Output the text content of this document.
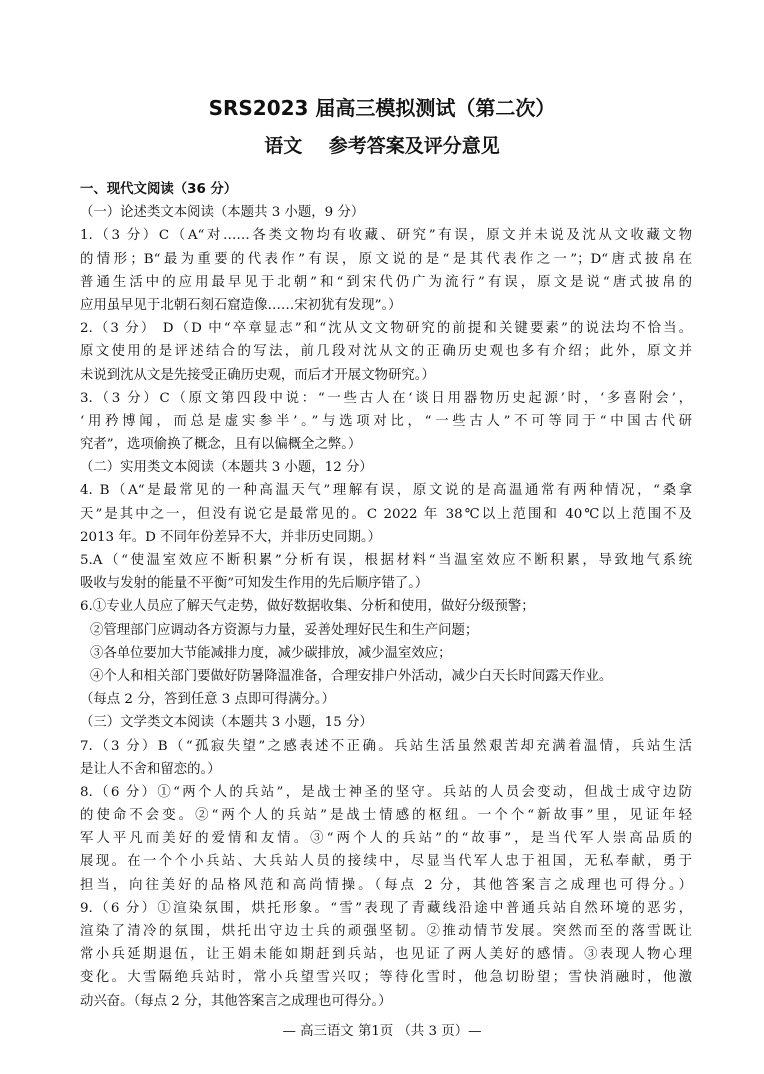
SRS2023 届高三模拟测试（第二次）
语文    参考答案及评分意见
一、现代文阅读（36 分）
（一）论述类文本阅读（本题共 3 小题，9 分）
1.（3 分）C（A“对……各类文物均有收藏、研究”有误，原文并未说及沈从文收藏文物
的情形；B“最为重要的代表作”有误，原文说的是“是其代表作之一”；D“唐式披帛在
普通生活中的应用最早见于北朝”和“到宋代仍广为流行”有误，原文是说“唐式披帛的
应用虽早见于北朝石刻石窟造像……宋初犹有发现”。）
2.（3 分） D（D 中“卒章显志”和“沈从文文物研究的前提和关键要素”的说法均不恰当。
原文使用的是评述结合的写法，前几段对沈从文的正确历史观也多有介绍；此外，原文并
未说到沈从文是先接受正确历史观，而后才开展文物研究。）
3.（3 分）C（原文第四段中说：“一些古人在‘谈日用器物历史起源’时，‘多喜附会’，
‘用矜博闻，而总是虚实参半’。”与选项对比，“一些古人”不可等同于“中国古代研
究者”，选项偷换了概念，且有以偏概全之弊。）
（二）实用类文本阅读（本题共 3 小题，12 分）
4. B（A“是最常见的一种高温天气”理解有误，原文说的是高温通常有两种情况，“桑拿
天”是其中之一，但没有说它是最常见的。C 2022 年 38℃以上范围和 40℃以上范围不及
2013 年。D 不同年份差异不大，并非历史同期。）
5.A（“使温室效应不断积累”分析有误，根据材料“当温室效应不断积累，导致地气系统
吸收与发射的能量不平衡”可知发生作用的先后顺序错了。）
6.①专业人员应了解天气走势，做好数据收集、分析和使用，做好分级预警；
②管理部门应调动各方资源与力量，妥善处理好民生和生产问题；
③各单位要加大节能减排力度，减少碳排放，减少温室效应；
④个人和相关部门要做好防暑降温准备，合理安排户外活动，减少白天长时间露天作业。
（每点 2 分，答到任意 3 点即可得满分。）
（三）文学类文本阅读（本题共 3 小题，15 分）
7.（3 分）B（“孤寂失望”之感表述不正确。兵站生活虽然艰苦却充满着温情，兵站生活
是让人不舍和留恋的。）
8.（6 分）①“两个人的兵站”，是战士神圣的坚守。兵站的人员会变动，但战士成守边防
的使命不会变。②“两个人的兵站”是战士情感的枢纽。一个个“新故事”里，见证年轻
军人平凡而美好的爱情和友情。③“两个人的兵站”的“故事”，是当代军人崇高品质的
展现。在一个个小兵站、大兵站人员的接续中，尽显当代军人忠于祖国，无私奉献，勇于
担当，向往美好的品格风范和高尚情操。（每点 2 分，其他答案言之成理也可得分。）
9.（6 分）①渲染氛围，烘托形象。“雪”表现了青藏线沿途中普通兵站自然环境的恶劣，
渲染了清冷的氛围，烘托出守边士兵的顽强坚韧。②推动情节发展。突然而至的落雪既让
常小兵延期退伍，让王娟未能如期赶到兵站，也见证了两人美好的感情。③表现人物心理
变化。大雪隔绝兵站时，常小兵望雪兴叹；等待化雪时，他急切盼望；雪快消融时，他激
动兴奋。（每点 2 分，其他答案言之成理也可得分。）
— 高三语文 第1页 （共 3 页）—
